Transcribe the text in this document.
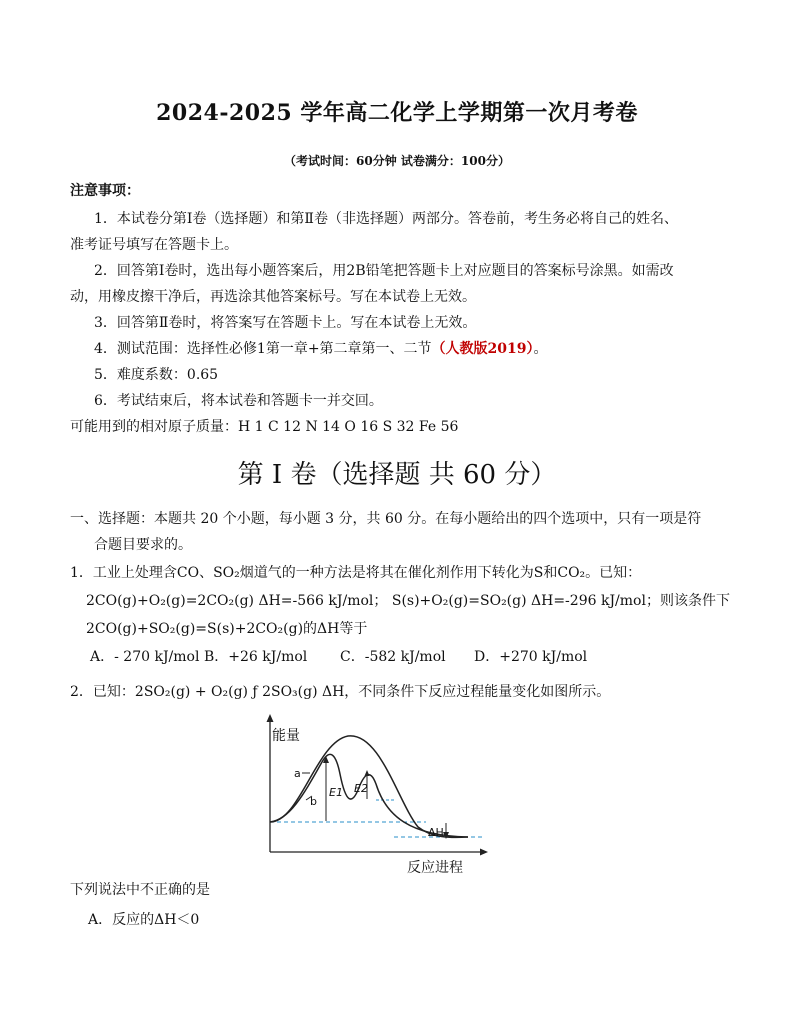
2024-2025 学年高二化学上学期第一次月考卷
（考试时间：60分钟 试卷满分：100分）
注意事项：
1．本试卷分第Ⅰ卷（选择题）和第Ⅱ卷（非选择题）两部分。答卷前，考生务必将自己的姓名、
准考证号填写在答题卡上。
2．回答第Ⅰ卷时，选出每小题答案后，用2B铅笔把答题卡上对应题目的答案标号涂黑。如需改
动，用橡皮擦干净后，再选涂其他答案标号。写在本试卷上无效。
3．回答第Ⅱ卷时，将答案写在答题卡上。写在本试卷上无效。
4．测试范围：选择性必修1第一章+第二章第一、二节（人教版2019）。
5．难度系数：0.65
6．考试结束后，将本试卷和答题卡一并交回。
可能用到的相对原子质量：H 1 C 12 N 14 O 16 S 32 Fe 56
第 I 卷（选择题 共 60 分）
一、选择题：本题共 20 个小题，每小题 3 分，共 60 分。在每小题给出的四个选项中，只有一项是符
合题目要求的。
1．工业上处理含CO、SO₂烟道气的一种方法是将其在催化剂作用下转化为S和CO₂。已知：
2CO(g)+O₂(g)=2CO₂(g) ΔH=-566 kJ/mol； S(s)+O₂(g)=SO₂(g) ΔH=-296 kJ/mol；则该条件下
2CO(g)+SO₂(g)=S(s)+2CO₂(g)的ΔH等于
A．- 270 kJ/mol B．+26 kJ/mol C．-582 kJ/mol D．+270 kJ/mol
2．已知：2SO₂(g) + O₂(g) ƒ 2SO₃(g) ΔH，不同条件下反应过程能量变化如图所示。
能量
反应进程
a
b
E1 E2
ΔH
下列说法中不正确的是
A．反应的ΔH＜0
